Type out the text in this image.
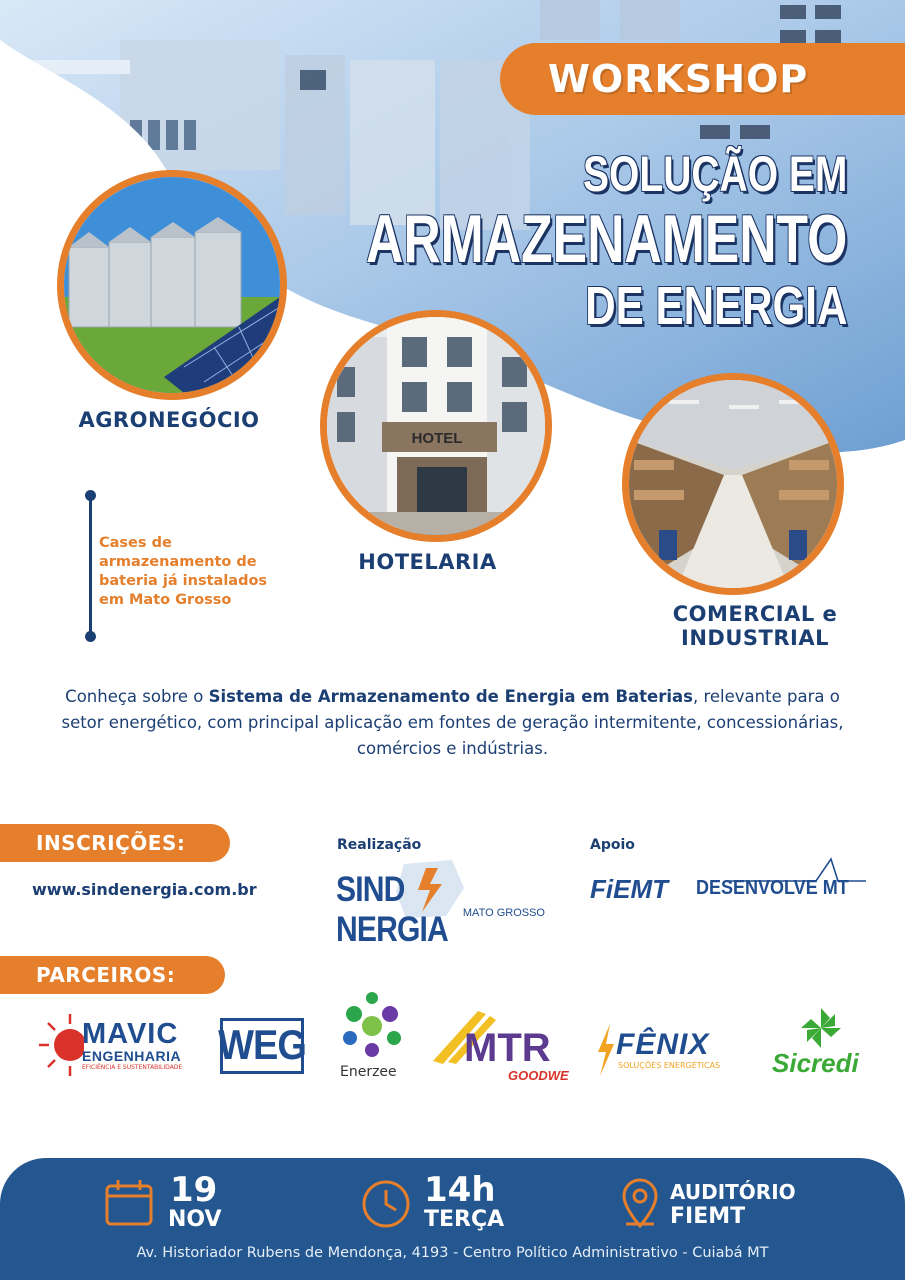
WORKSHOP
SOLUÇÃO EM
ARMAZENAMENTO
DE ENERGIA
AGRONEGÓCIO
HOTEL
HOTELARIA
COMERCIAL e
INDUSTRIAL
Cases de armazenamento de bateria já instalados em Mato Grosso

Conheça sobre o Sistema de Armazenamento de Energia em Baterias, relevante para o setor energético, com principal aplicação em fontes de geração intermitente, concessionárias, comércios e indústrias.

INSCRIÇÕES:
www.sindenergia.com.br
Realização
SINDNERGIA	MATO GROSSO
Apoio
FiEMT DESENVOLVE MT
PARCEIROS:
MAVIC
ENGENHARIA
EFICIÊNCIA E SUSTENTABILIDADE WEG
Enerzee
MTR
GOODWE
FÊNIX
SOLUÇÕES ENERGÉTICAS Sicredi
19
NOV
14h
TERÇA
AUDITÓRIO
FIEMT
Av. Historiador Rubens de Mendonça, 4193 - Centro Político Administrativo - Cuiabá MT
